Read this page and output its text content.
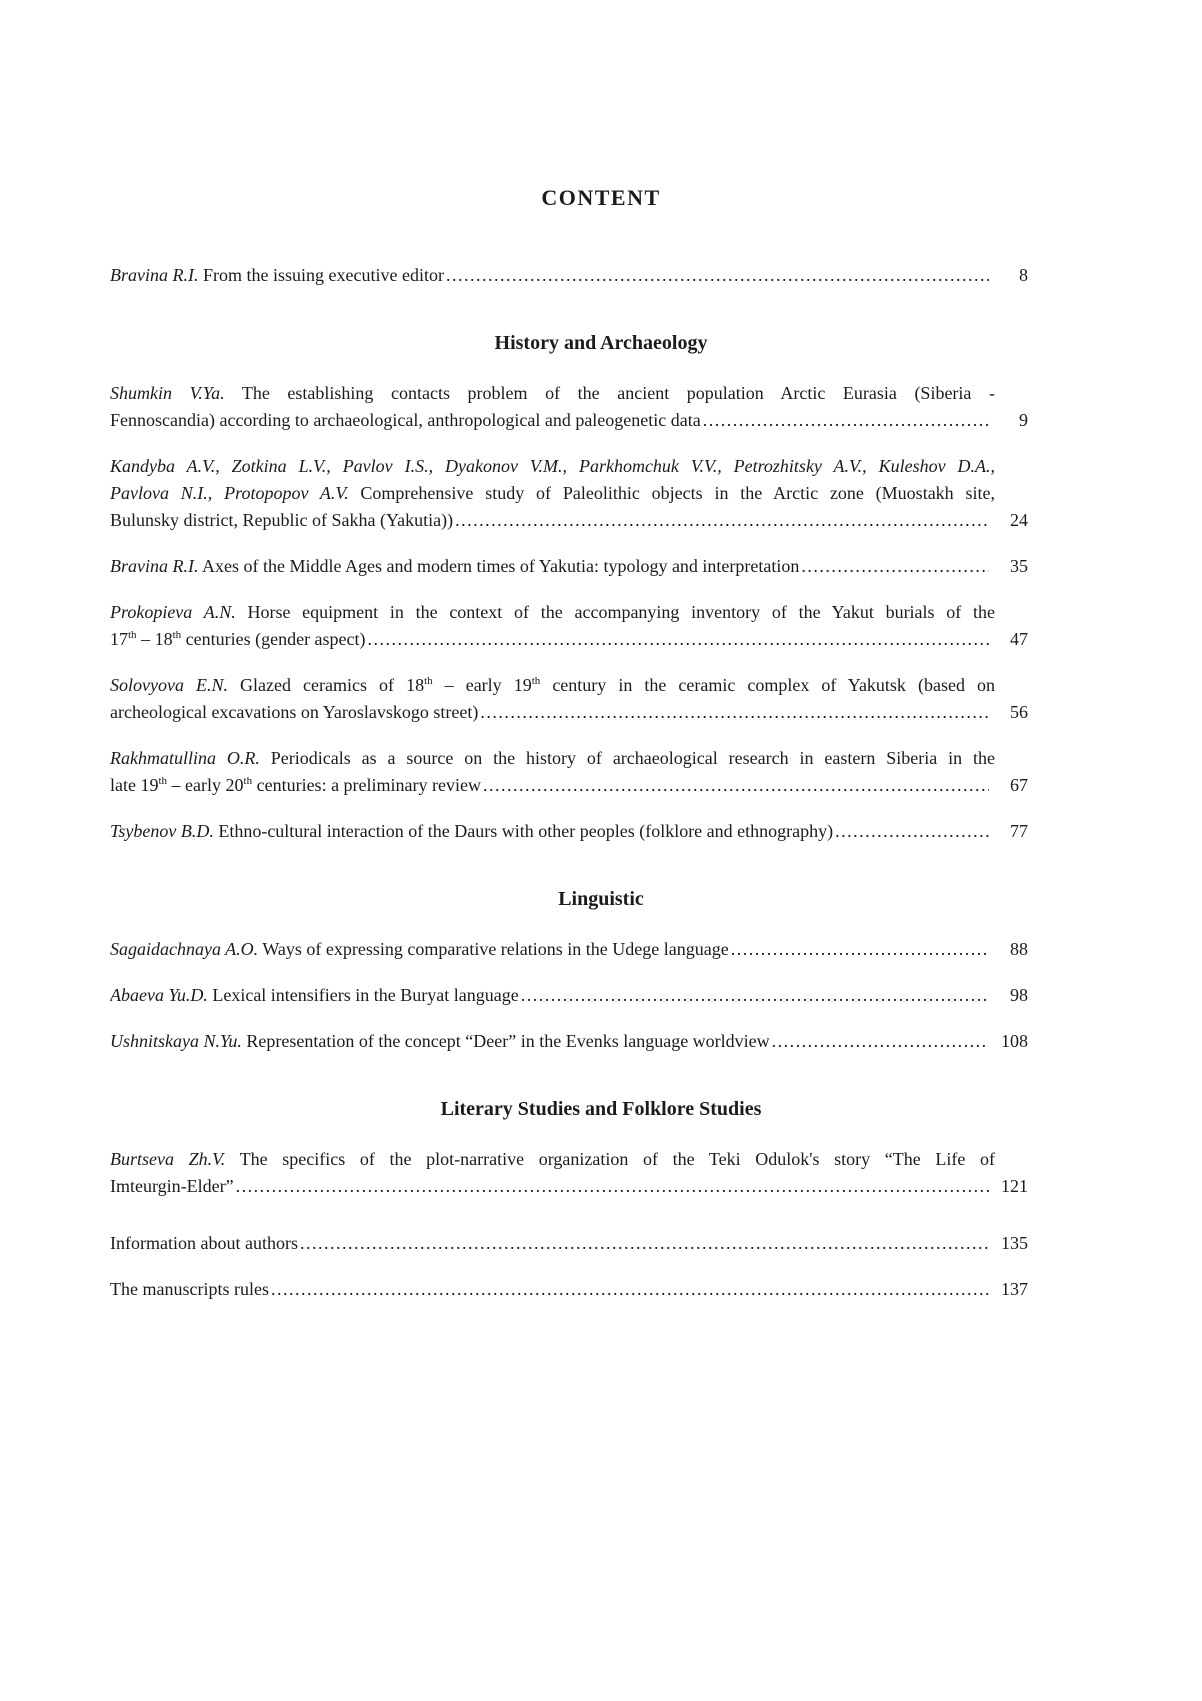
CONTENT
Bravina R.I. From the issuing executive editor .....	8
History and Archaeology
Shumkin V.Ya. The establishing contacts problem of the ancient population Arctic Eurasia (Siberia -
Fennoscandia) according to archaeological, anthropological and paleogenetic data .....	9
Kandyba A.V., Zotkina L.V., Pavlov I.S., Dyakonov V.M., Parkhomchuk V.V., Petrozhitsky A.V., Kuleshov D.A.,
Pavlova N.I., Protopopov A.V. Comprehensive study of Paleolithic objects in the Arctic zone (Muostakh site,
Bulunsky district, Republic of Sakha (Yakutia)) .....	24
Bravina R.I. Axes of the Middle Ages and modern times of Yakutia: typology and interpretation .....	35
Prokopieva A.N. Horse equipment in the context of the accompanying inventory of the Yakut burials of the
17th – 18th centuries (gender aspect) .....	47
Solovyova E.N. Glazed ceramics of 18th – early 19th century in the ceramic complex of Yakutsk (based on
archeological excavations on Yaroslavskogo street) .....	56
Rakhmatullina O.R. Periodicals as a source on the history of archaeological research in eastern Siberia in the
late 19th – early 20th centuries: a preliminary review .....	67
Tsybenov B.D. Ethno-cultural interaction of the Daurs with other peoples (folklore and ethnography) .....	77
Linguistic
Sagaidachnaya A.O. Ways of expressing comparative relations in the Udege language .....	88
Abaeva Yu.D. Lexical intensifiers in the Buryat language .....	98
Ushnitskaya N.Yu. Representation of the concept “Deer” in the Evenks language worldview .....	108
Literary Studies and Folklore Studies
Burtseva Zh.V. The specifics of the plot-narrative organization of the Teki Odulok's story “The Life of
Imteurgin-Elder” .....	121
Information about authors .....	135
The manuscripts rules .....	137
